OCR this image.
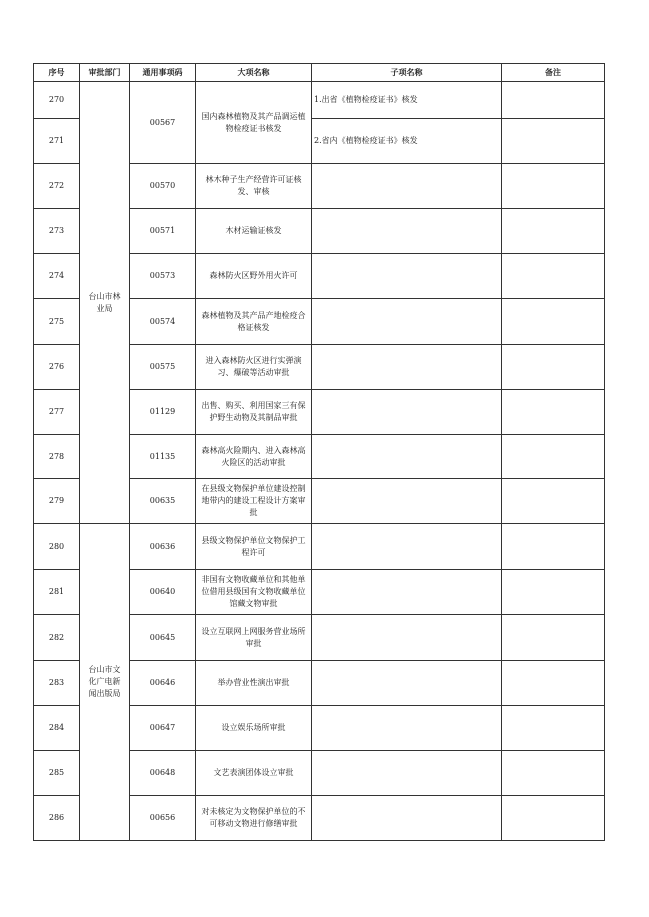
序号	审批部门	通用事项码	大项名称	子项名称	备注
270	台山市林业局	00567	国内森林植物及其产品调运植物检疫证书核发	1.出省《植物检疫证书》核发	
271				2.省内《植物检疫证书》核发	
272		00570	林木种子生产经营许可证核发、审核		
273		00571	木材运输证核发		
274		00573	森林防火区野外用火许可		
275		00574	森林植物及其产品产地检疫合格证核发		
276		00575	进入森林防火区进行实弹演习、爆破等活动审批		
277		01129	出售、购买、利用国家三有保护野生动物及其制品审批		
278		01135	森林高火险期内、进入森林高火险区的活动审批		
279		00635	在县级文物保护单位建设控制地带内的建设工程设计方案审批		
280	台山市文化广电新闻出版局	00636	县级文物保护单位文物保护工程许可		
281		00640	非国有文物收藏单位和其他单位借用县级国有文物收藏单位馆藏文物审批		
282		00645	设立互联网上网服务营业场所审批		
283		00646	举办营业性演出审批		
284		00647	设立娱乐场所审批		
285		00648	文艺表演团体设立审批		
286		00656	对未核定为文物保护单位的不可移动文物进行修缮审批		
